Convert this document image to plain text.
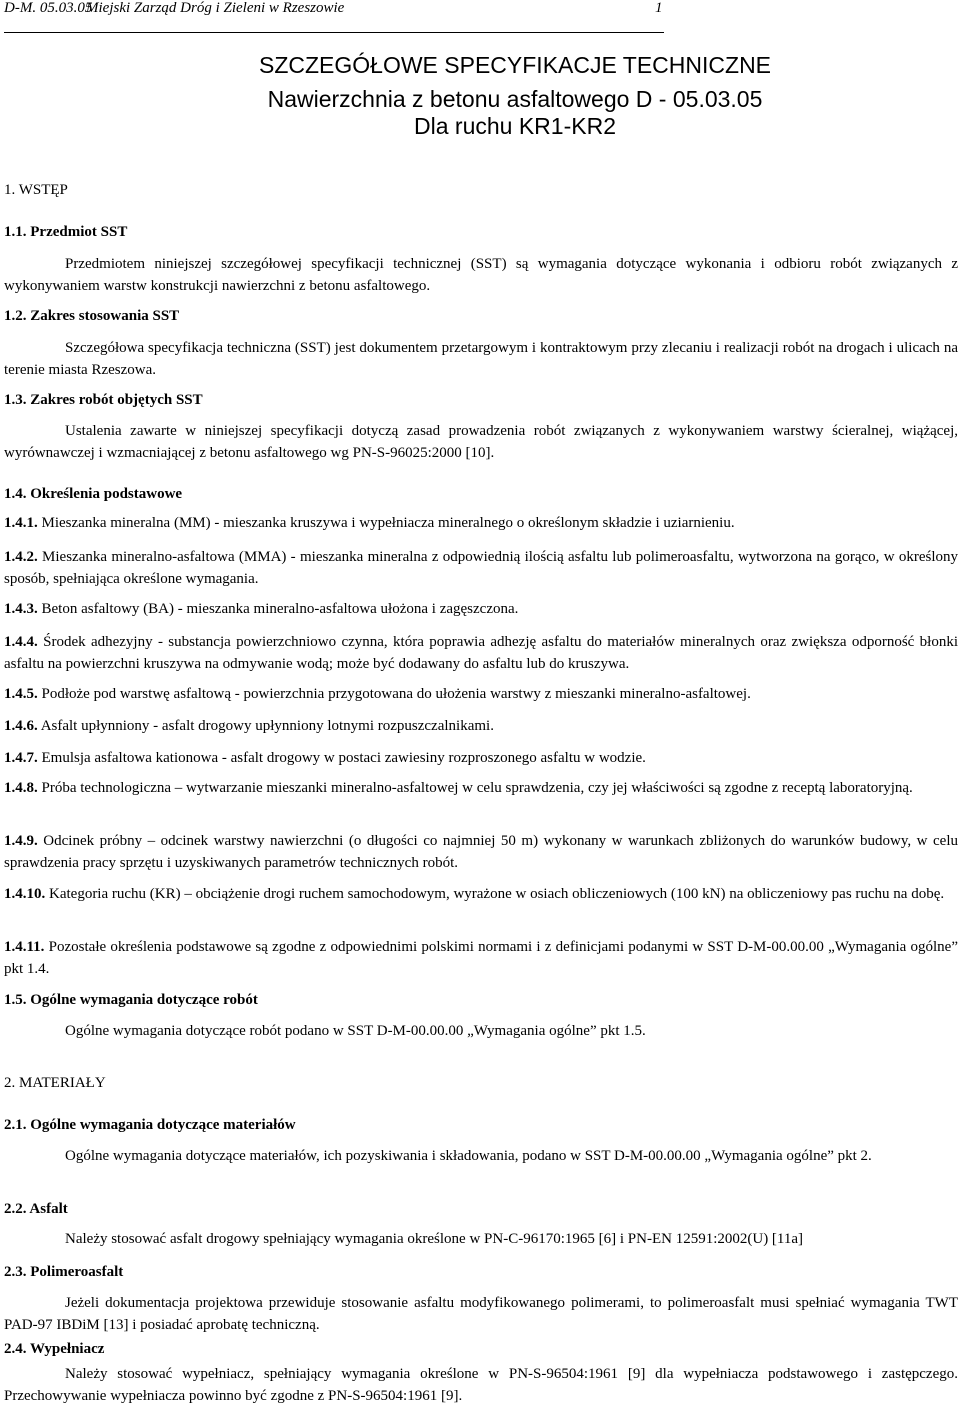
D-M. 05.03.05
Miejski Zarząd Dróg i Zieleni w Rzeszowie	1
SZCZEGÓŁOWE SPECYFIKACJE TECHNICZNE
Nawierzchnia z betonu asfaltowego D - 05.03.05
Dla ruchu KR1-KR2
1. WSTĘP
1.1. Przedmiot SST

Przedmiotem niniejszej szczegółowej specyfikacji technicznej (SST) są wymagania dotyczące wykonania i odbioru robót związanych z wykonywaniem warstw konstrukcji nawierzchni z betonu asfaltowego.

1.2. Zakres stosowania SST

Szczegółowa specyfikacja techniczna (SST) jest dokumentem przetargowym i kontraktowym przy zlecaniu i realizacji robót na drogach i ulicach na terenie miasta Rzeszowa.

1.3. Zakres robót objętych SST

Ustalenia zawarte w niniejszej specyfikacji dotyczą zasad prowadzenia robót związanych z wykonywaniem warstwy ścieralnej, wiążącej, wyrównawczej i wzmacniającej z betonu asfaltowego wg PN-S-96025:2000 [10].

1.4. Określenia podstawowe

1.4.1. Mieszanka mineralna (MM) - mieszanka kruszywa i wypełniacza mineralnego o określonym składzie i uziarnieniu.

1.4.2. Mieszanka mineralno-asfaltowa (MMA) - mieszanka mineralna z odpowiednią ilością asfaltu lub polimeroasfaltu, wytworzona na gorąco, w określony sposób, spełniająca określone wymagania.

1.4.3. Beton asfaltowy (BA) - mieszanka mineralno-asfaltowa ułożona i zagęszczona.

1.4.4. Środek adhezyjny - substancja powierzchniowo czynna, która poprawia adhezję asfaltu do materiałów mineralnych oraz zwiększa odporność błonki asfaltu na powierzchni kruszywa na odmywanie wodą; może być dodawany do asfaltu lub do kruszywa.

1.4.5. Podłoże pod warstwę asfaltową - powierzchnia przygotowana do ułożenia warstwy z mieszanki mineralno-asfaltowej.

1.4.6. Asfalt upłynniony - asfalt drogowy upłynniony lotnymi rozpuszczalnikami.

1.4.7. Emulsja asfaltowa kationowa - asfalt drogowy w postaci zawiesiny rozproszonego asfaltu w wodzie.

1.4.8. Próba technologiczna – wytwarzanie mieszanki mineralno-asfaltowej w celu sprawdzenia, czy jej właściwości są zgodne z receptą laboratoryjną.

1.4.9. Odcinek próbny – odcinek warstwy nawierzchni (o długości co najmniej 50 m) wykonany w warunkach zbliżonych do warunków budowy, w celu sprawdzenia pracy sprzętu i uzyskiwanych parametrów technicznych robót.

1.4.10. Kategoria ruchu (KR) – obciążenie drogi ruchem samochodowym, wyrażone w osiach obliczeniowych (100 kN) na obliczeniowy pas ruchu na dobę.

1.4.11. Pozostałe określenia podstawowe są zgodne z odpowiednimi polskimi normami i z definicjami podanymi w SST D-M-00.00.00 „Wymagania ogólne” pkt 1.4.

1.5. Ogólne wymagania dotyczące robót
Ogólne wymagania dotyczące robót podano w SST D-M-00.00.00 „Wymagania ogólne” pkt 1.5.
2. MATERIAŁY
2.1. Ogólne wymagania dotyczące materiałów

Ogólne wymagania dotyczące materiałów, ich pozyskiwania i składowania, podano w SST D-M-00.00.00 „Wymagania ogólne” pkt 2.

2.2. Asfalt
Należy stosować asfalt drogowy spełniający wymagania określone w PN-C-96170:1965 [6] i PN-EN 12591:2002(U) [11a]
2.3. Polimeroasfalt

Jeżeli dokumentacja projektowa przewiduje stosowanie asfaltu modyfikowanego polimerami, to polimeroasfalt musi spełniać wymagania TWT PAD-97 IBDiM [13] i posiadać aprobatę techniczną.

2.4. Wypełniacz

Należy stosować wypełniacz, spełniający wymagania określone w PN-S-96504:1961 [9] dla wypełniacza podstawowego i zastępczego. Przechowywanie wypełniacza powinno być zgodne z PN-S-96504:1961 [9].
